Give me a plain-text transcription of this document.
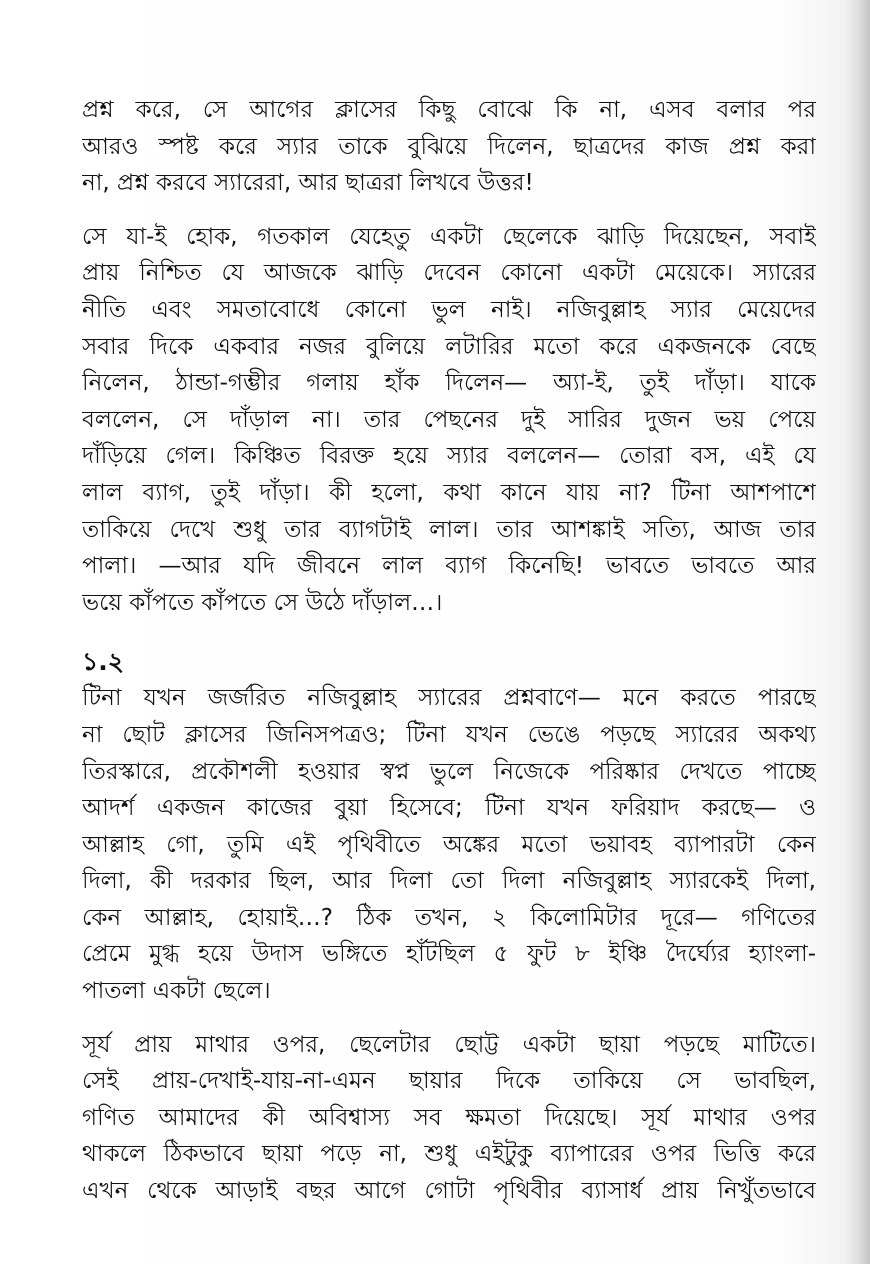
প্রশ্ন করে, সে আগের ক্লাসের কিছু বোঝে কি না, এসব বলার পর
আরও স্পষ্ট করে স্যার তাকে বুঝিয়ে দিলেন, ছাত্রদের কাজ প্রশ্ন করা
না, প্রশ্ন করবে স্যারেরা, আর ছাত্ররা লিখবে উত্তর!

সে যা-ই হোক, গতকাল যেহেতু একটা ছেলেকে ঝাড়ি দিয়েছেন, সবাই
প্রায় নিশ্চিত যে আজকে ঝাড়ি দেবেন কোনো একটা মেয়েকে। স্যারের
নীতি এবং সমতাবোধে কোনো ভুল নাই। নজিবুল্লাহ স্যার মেয়েদের
সবার দিকে একবার নজর বুলিয়ে লটারির মতো করে একজনকে বেছে
নিলেন, ঠান্ডা-গম্ভীর গলায় হাঁক দিলেন— অ্যা-ই, তুই দাঁড়া। যাকে
বললেন, সে দাঁড়াল না। তার পেছনের দুই সারির দুজন ভয় পেয়ে
দাঁড়িয়ে গেল। কিঞ্চিত বিরক্ত হয়ে স্যার বললেন— তোরা বস, এই যে
লাল ব্যাগ, তুই দাঁড়া। কী হলো, কথা কানে যায় না? টিনা আশপাশে
তাকিয়ে দেখে শুধু তার ব্যাগটাই লাল। তার আশঙ্কাই সত্যি, আজ তার
পালা। —আর যদি জীবনে লাল ব্যাগ কিনেছি! ভাবতে ভাবতে আর
ভয়ে কাঁপতে কাঁপতে সে উঠে দাঁড়াল…।

১.২

টিনা যখন জর্জরিত নজিবুল্লাহ স্যারের প্রশ্নবাণে— মনে করতে পারছে
না ছোট ক্লাসের জিনিসপত্রও; টিনা যখন ভেঙে পড়ছে স্যারের অকথ্য
তিরস্কারে, প্রকৌশলী হওয়ার স্বপ্ন ভুলে নিজেকে পরিষ্কার দেখতে পাচ্ছে
আদর্শ একজন কাজের বুয়া হিসেবে; টিনা যখন ফরিয়াদ করছে— ও
আল্লাহ গো, তুমি এই পৃথিবীতে অঙ্কের মতো ভয়াবহ ব্যাপারটা কেন
দিলা, কী দরকার ছিল, আর দিলা তো দিলা নজিবুল্লাহ স্যারকেই দিলা,
কেন আল্লাহ, হোয়াই…? ঠিক তখন, ২ কিলোমিটার দূরে— গণিতের
প্রেমে মুগ্ধ হয়ে উদাস ভঙ্গিতে হাঁটছিল ৫ ফুট ৮ ইঞ্চি দৈর্ঘ্যের হ্যাংলা-
পাতলা একটা ছেলে।

সূর্য প্রায় মাথার ওপর, ছেলেটার ছোট্ট একটা ছায়া পড়ছে মাটিতে।
সেই প্রায়-দেখাই-যায়-না-এমন ছায়ার দিকে তাকিয়ে সে ভাবছিল,
গণিত আমাদের কী অবিশ্বাস্য সব ক্ষমতা দিয়েছে। সূর্য মাথার ওপর
থাকলে ঠিকভাবে ছায়া পড়ে না, শুধু এইটুকু ব্যাপারের ওপর ভিত্তি করে
এখন থেকে আড়াই বছর আগে গোটা পৃথিবীর ব্যাসার্ধ প্রায় নিখুঁতভাবে
